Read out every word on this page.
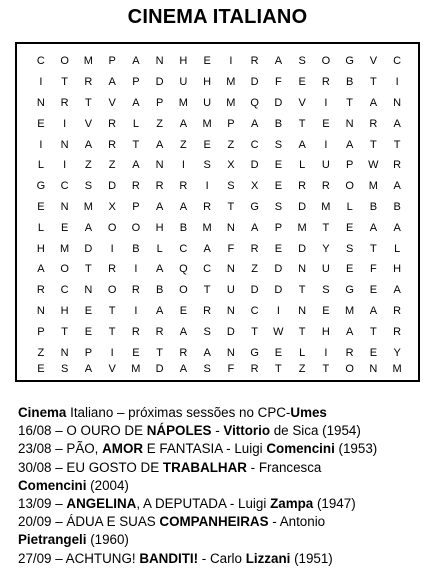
CINEMA ITALIANO
C	O	M	P	A	N	H	E	I	R	A	S	O	G	V	C
I	T	R	A	P	D	U	H	M	D	F	E	R	B	T	I
N	R	T	V	A	P	M	U	M	Q	D	V	I	T	A	N
E	I	V	R	L	Z	A	M	P	A	B	T	E	N	R	A
I	N	A	R	T	A	Z	E	Z	C	S	A	I	A	T	T
L	I	Z	Z	A	N	I	S	X	D	E	L	U	P	W	R
G	C	S	D	R	R	R	I	S	X	E	R	R	O	M	A
E	N	M	X	P	A	A	R	T	G	S	D	M	L	B	B
L	E	A	O	O	H	B	M	N	A	P	M	T	E	A	A
H	M	D	I	B	L	C	A	F	R	E	D	Y	S	T	L
A	O	T	R	I	A	Q	C	N	Z	D	N	U	E	F	H
R	C	N	O	R	B	O	T	U	D	D	T	S	G	E	A
N	H	E	T	I	A	E	R	N	C	I	N	E	M	A	R
P	T	E	T	R	R	A	S	D	T	W	T	H	A	T	R
Z	N	P	I	E	T	R	A	N	G	E	L	I	R	E	Y
E	S	A	V	M	D	A	S	F	R	T	Z	T	O	N	M
Cinema Italiano – próximas sessões no CPC-Umes
16/08 – O OURO DE NÁPOLES - Vittorio de Sica (1954)
23/08 – PÃO, AMOR E FANTASIA - Luigi Comencini (1953)
30/08 – EU GOSTO DE TRABALHAR - Francesca
Comencini (2004)
13/09 – ANGELINA, A DEPUTADA - Luigi Zampa (1947)
20/09 – ÁDUA E SUAS COMPANHEIRAS - Antonio
Pietrangeli (1960)
27/09 – ACHTUNG! BANDITI! - Carlo Lizzani (1951)
